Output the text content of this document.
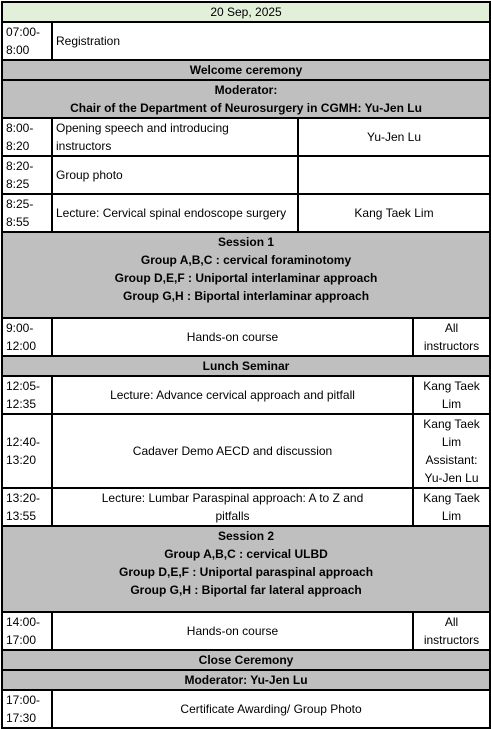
20 Sep, 2025			
07:00-
8:00	Registration		
Welcome ceremony			
Moderator:
Chair of the Department of Neurosurgery in CGMH: Yu-Jen Lu			
8:00-
8:20	Opening speech and introducing
instructors	Yu-Jen Lu	
8:20-
8:25	Group photo		
8:25-
8:55	Lecture: Cervical spinal endoscope surgery	Kang Taek Lim	
Session 1
Group A,B,C : cervical foraminotomy
Group D,E,F : Uniportal interlaminar approach
Group G,H : Biportal interlaminar approach			
9:00-
12:00	Hands-on course		All
instructors
Lunch Seminar			
12:05-
12:35	Lecture: Advance cervical approach and pitfall		Kang Taek Lim
12:40-
13:20	Cadaver Demo AECD and discussion		Kang Taek Lim
Assistant: Yu-Jen Lu
13:20-
13:55	Lecture: Lumbar Paraspinal approach: A to Z and
pitfalls		Kang Taek Lim
Session 2
Group A,B,C : cervical ULBD
Group D,E,F : Uniportal paraspinal approach
Group G,H : Biportal far lateral approach			
14:00-
17:00	Hands-on course		All
instructors
Close Ceremony			
Moderator: Yu-Jen Lu			
17:00-
17:30	Certificate Awarding/ Group Photo		
